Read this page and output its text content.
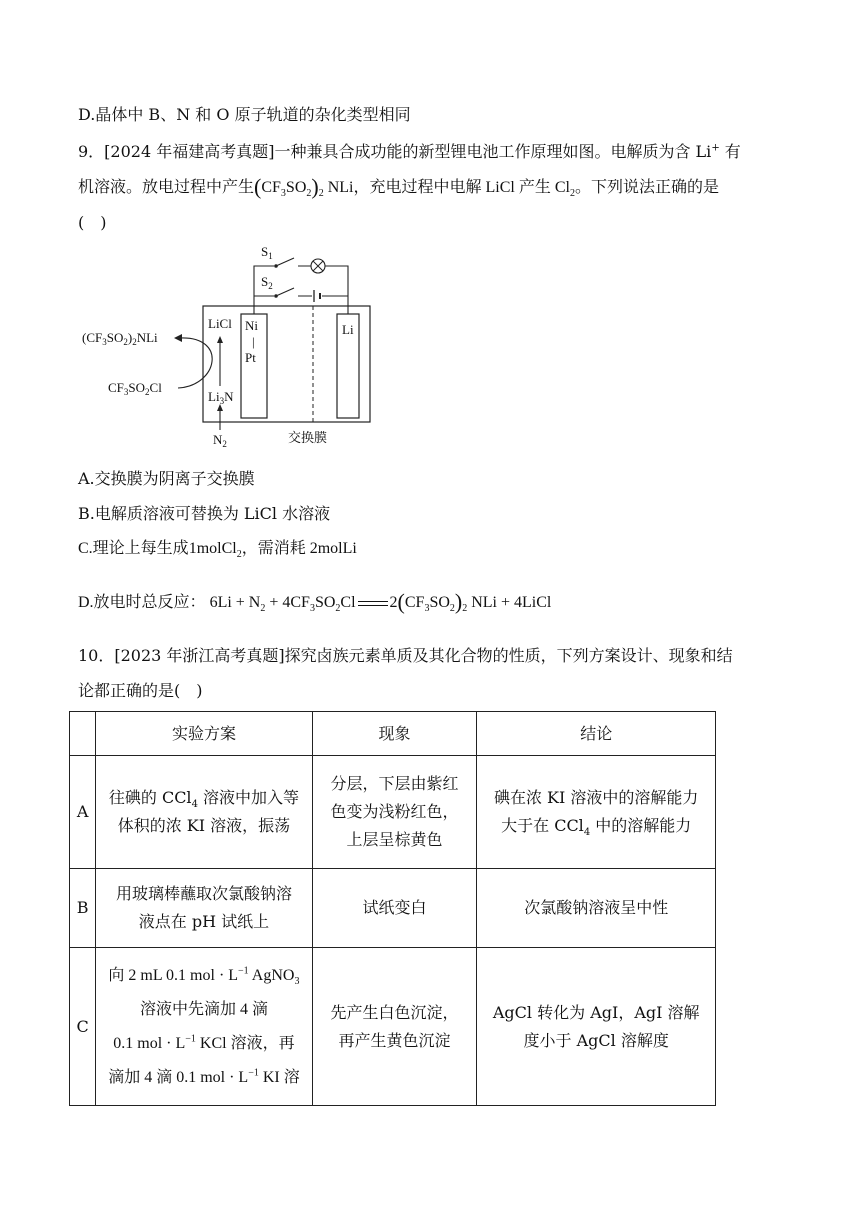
D.晶体中 B、N 和 O 原子轨道的杂化类型相同
9．[2024 年福建高考真题]一种兼具合成功能的新型锂电池工作原理如图。电解质为含 Li+ 有
机溶液。放电过程中产生$(CF_3SO_2)_2$ NLi，充电过程中电解 LiCl 产生 $Cl_2$。下列说法正确的是
(　)
$S_1$
$S_2$
LiCl Ni
|
Pt
Li
$Li_3N$
$N_2$
$(CF_3SO_2)_2NLi$
$CF_3SO_2Cl$
交换膜
A.交换膜为阴离子交换膜
B.电解质溶液可替换为 LiCl 水溶液
C.理论上每生成1molCl$_2$，需消耗 2molLi
D.放电时总反应： $6Li + N_2 + 4CF_3SO_2Cl$ $2(CF_3SO_2)_2$ NLi + 4LiCl
10．[2023 年浙江高考真题]探究卤族元素单质及其化合物的性质，下列方案设计、现象和结
论都正确的是(　)
	实验方案	现象	结论
A	往碘的 CCl$_4$ 溶液中加入等
体积的浓 KI 溶液，振荡	分层，下层由紫红
色变为浅粉红色，
上层呈棕黄色	碘在浓 KI 溶液中的溶解能力
大于在 CCl$_4$ 中的溶解能力
B	用玻璃棒蘸取次氯酸钠溶
液点在 pH 试纸上	试纸变白	次氯酸钠溶液呈中性
C	向 2 mL 0.1 mol · $L^{-1}$ AgNO$_3$
溶液中先滴加 4 滴
0.1 mol · $L^{-1}$ KCl 溶液，再
滴加 4 滴 0.1 mol · $L^{-1}$ KI 溶	先产生白色沉淀，
再产生黄色沉淀	AgCl 转化为 AgI，AgI 溶解
度小于 AgCl 溶解度
